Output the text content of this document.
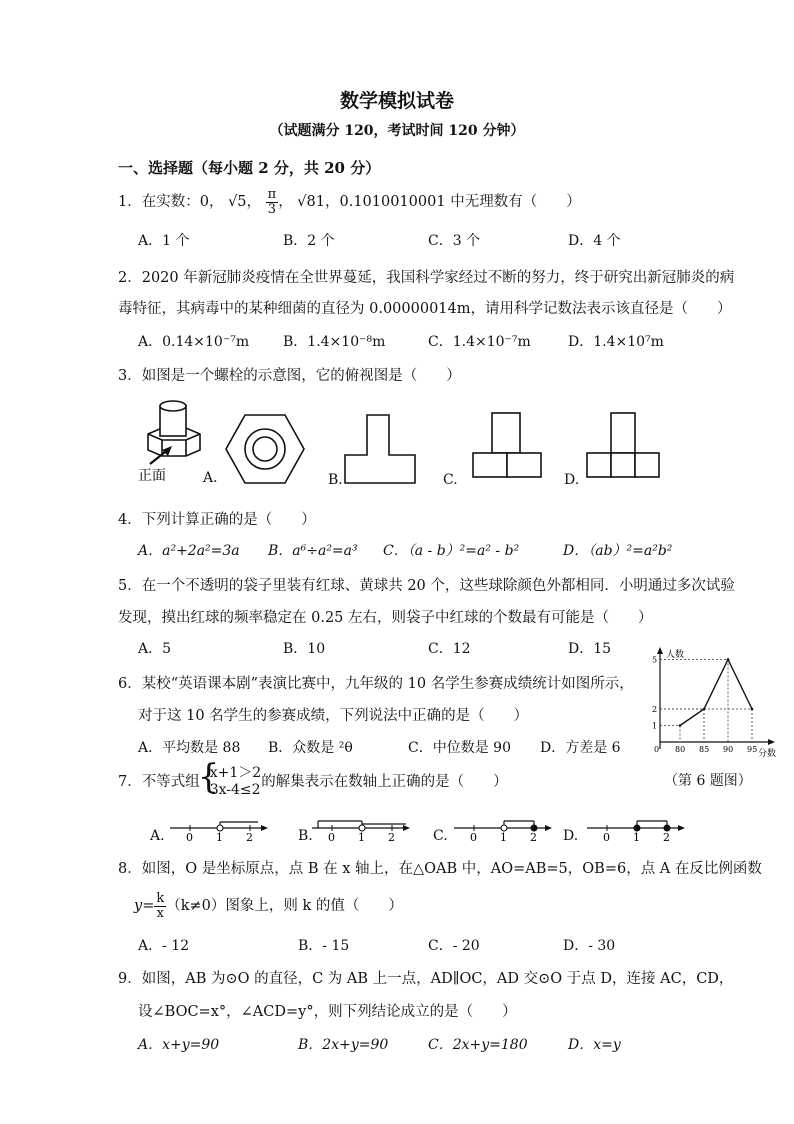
数学模拟试卷
（试题满分 120，考试时间 120 分钟）
一、选择题（每小题 2 分，共 20 分）
1．在实数：0， √5， $\frac{\pi}{3}$ ， √81，0.1010010001 中无理数有（　　）
A．1 个	B．2 个	C．3 个	D．4 个
2．2020 年新冠肺炎疫情在全世界蔓延，我国科学家经过不断的努力，终于研究出新冠肺炎的病
毒特征，其病毒中的某种细菌的直径为 0.00000014m，请用科学记数法表示该直径是（　　）
A．0.14×10⁻⁷m B．1.4×10⁻⁸m	C．1.4×10⁻⁷m	D．1.4×10⁷m
3．如图是一个螺栓的示意图，它的俯视图是（　　）
正面	A.	B.	C.	D.
4．下列计算正确的是（　　）
A．a²+2a²=3a B．a⁶÷a²=a³ C．（a - b）²=a² - b²	D．（ab）²=a²b²
5．在一个不透明的袋子里装有红球、黄球共 20 个，这些球除颜色外都相同．小明通过多次试验
发现，摸出红球的频率稳定在 0.25 左右，则袋子中红球的个数最有可能是（　　）
A．5	B．10	C．12	D．15
6．某校“英语课本剧”表演比赛中，九年级的 10 名学生参赛成绩统计如图所示，
对于这 10 名学生的参赛成绩，下列说法中正确的是（　　）
A．平均数是 88 B．众数是 ²θ	C．中位数是 90 D．方差是 6
人数
分数
1
2
5
0 80 85 90 95
（第 6 题图）
7．不等式组
{ x+1＞2
3x-4≤2 的解集表示在数轴上正确的是（　　）
A. 0 1 2	B. 0 1 2	C. 0 1 2 D. 0 1 2
8．如图，O 是坐标原点，点 B 在 x 轴上，在△OAB 中，AO=AB=5，OB=6，点 A 在反比例函数
$y= \frac{k}{x} (k\ne 0)$图象上，则 k 的值（　　）
A．- 12	B．- 15	C．- 20	D．- 30
9．如图，AB 为⊙O 的直径，C 为 AB 上一点，AD∥OC，AD 交⊙O 于点 D，连接 AC，CD，
设∠BOC=x°，∠ACD=y°，则下列结论成立的是（　　）
A．x+y=90	B．2x+y=90	C．2x+y=180	D．x=y
